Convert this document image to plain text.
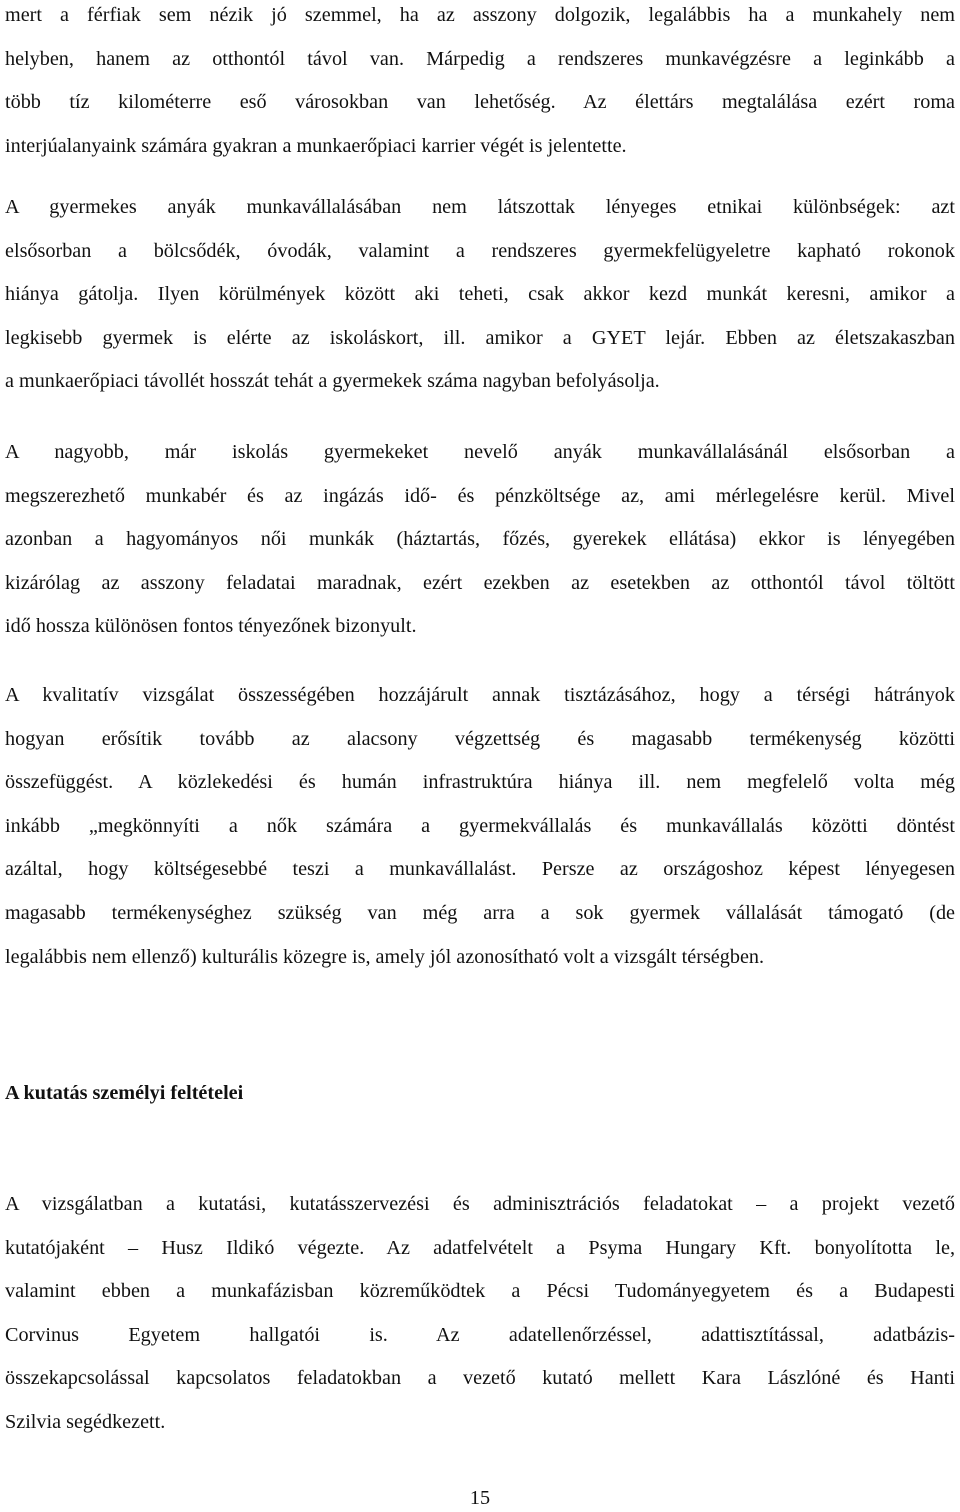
mert a férfiak sem nézik jó szemmel, ha az asszony dolgozik, legalábbis ha a munkahely nem
helyben, hanem az otthontól távol van. Márpedig a rendszeres munkavégzésre a leginkább a
több tíz kilométerre eső városokban van lehetőség. Az élettárs megtalálása ezért roma
interjúalanyaink számára gyakran a munkaerőpiaci karrier végét is jelentette.

A gyermekes anyák munkavállalásában nem látszottak lényeges etnikai különbségek: azt
elsősorban a bölcsődék, óvodák, valamint a rendszeres gyermekfelügyeletre kapható rokonok
hiánya gátolja. Ilyen körülmények között aki teheti, csak akkor kezd munkát keresni, amikor a
legkisebb gyermek is elérte az iskoláskort, ill. amikor a GYET lejár. Ebben az életszakaszban
a munkaerőpiaci távollét hosszát tehát a gyermekek száma nagyban befolyásolja.

A nagyobb, már iskolás gyermekeket nevelő anyák munkavállalásánál elsősorban a
megszerezhető munkabér és az ingázás idő- és pénzköltsége az, ami mérlegelésre kerül. Mivel
azonban a hagyományos női munkák (háztartás, főzés, gyerekek ellátása) ekkor is lényegében
kizárólag az asszony feladatai maradnak, ezért ezekben az esetekben az otthontól távol töltött
idő hossza különösen fontos tényezőnek bizonyult.

A kvalitatív vizsgálat összességében hozzájárult annak tisztázásához, hogy a térségi hátrányok
hogyan erősítik tovább az alacsony végzettség és magasabb termékenység közötti
összefüggést. A közlekedési és humán infrastruktúra hiánya ill. nem megfelelő volta még
inkább „megkönnyíti a nők számára a gyermekvállalás és munkavállalás közötti döntést
azáltal, hogy költségesebbé teszi a munkavállalást. Persze az országoshoz képest lényegesen
magasabb termékenységhez szükség van még arra a sok gyermek vállalását támogató (de
legalábbis nem ellenző) kulturális közegre is, amely jól azonosítható volt a vizsgált térségben.

A kutatás személyi feltételei

A vizsgálatban a kutatási, kutatásszervezési és adminisztrációs feladatokat – a projekt vezető
kutatójaként – Husz Ildikó végezte. Az adatfelvételt a Psyma Hungary Kft. bonyolította le,
valamint ebben a munkafázisban közreműködtek a Pécsi Tudományegyetem és a Budapesti
Corvinus Egyetem hallgatói is. Az adatellenőrzéssel, adattisztítással, adatbázis-
összekapcsolással kapcsolatos feladatokban a vezető kutató mellett Kara Lászlóné és Hanti
Szilvia segédkezett.

15
